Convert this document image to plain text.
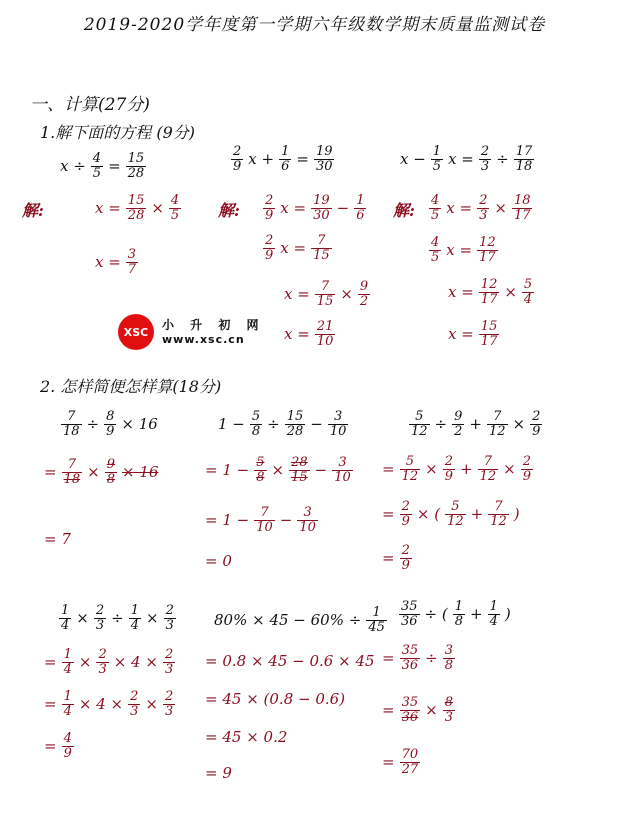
2019-2020学年度第一学期六年级数学期末质量监测试卷
一、计算(27分)
1.解下面的方程 (9分)
$x \div \frac{4}{5} = \frac{15}{28}$
解:	$x = \frac{15}{28} \times \frac{4}{5}$
$x = \frac{3}{7}$
$\frac{2}{9}$ $x + \frac{1}{6} = \frac{19}{30}$
解: $\frac{2}{9}$ $x = \frac{19}{30} - \frac{1}{6}$
$\frac{2}{9}$ $x = \frac{7}{15}$
$x = \frac{7}{15} \times \frac{9}{2}$
$x = \frac{21}{10}$
$x - \frac{1}{5}$ $x = \frac{2}{3} \div \frac{17}{18}$
解: $\frac{4}{5}$ $x = \frac{2}{3} \times \frac{18}{17}$
$\frac{4}{5}$ $x = \frac{12}{17}$
$x = \frac{12}{17} \times \frac{5}{4}$
$x = \frac{15}{17}$
XSC	小 升 初 网
www.xsc.cn
2. 怎样简便怎样算(18分)
$\frac{7}{18} \div \frac{8}{9} \times 16$
= $\frac{7}{18} \times \frac{9}{8} \times 16$
= 7
$1 - \frac{5}{8} \div \frac{15}{28} - \frac{3}{10}$
= $1 - \frac{5}{8} \times \frac{28}{15} - \frac{3}{10}$
= $1 - \frac{7}{10} - \frac{3}{10}$
= 0
$\frac{5}{12} \div \frac{9}{2} + \frac{7}{12} \times \frac{2}{9}$
= $\frac{5}{12} \times \frac{2}{9} + \frac{7}{12} \times \frac{2}{9}$
= $\frac{2}{9}$ × ( $\frac{5}{12} + \frac{7}{12}$ )
= $\frac{2}{9}$
$\frac{1}{4} \times \frac{2}{3} \div \frac{1}{4} \times \frac{2}{3}$
= $\frac{1}{4} \times \frac{2}{3} \times 4 \times \frac{2}{3}$
= $\frac{1}{4} \times 4 \times \frac{2}{3} \times \frac{2}{3}$
= $\frac{4}{9}$
$80\% \times 45 - 60\% \div \frac{1}{45}$
= 0.8 × 45 − 0.6 × 45
= 45 × (0.8 − 0.6)
= 45 × 0.2
= 9
$\frac{35}{36}$ ÷ ( $\frac{1}{8} + \frac{1}{4}$ )
= $\frac{35}{36} \div \frac{3}{8}$
= $\frac{35}{36} \times \frac{8}{3}$
= $\frac{70}{27}$
